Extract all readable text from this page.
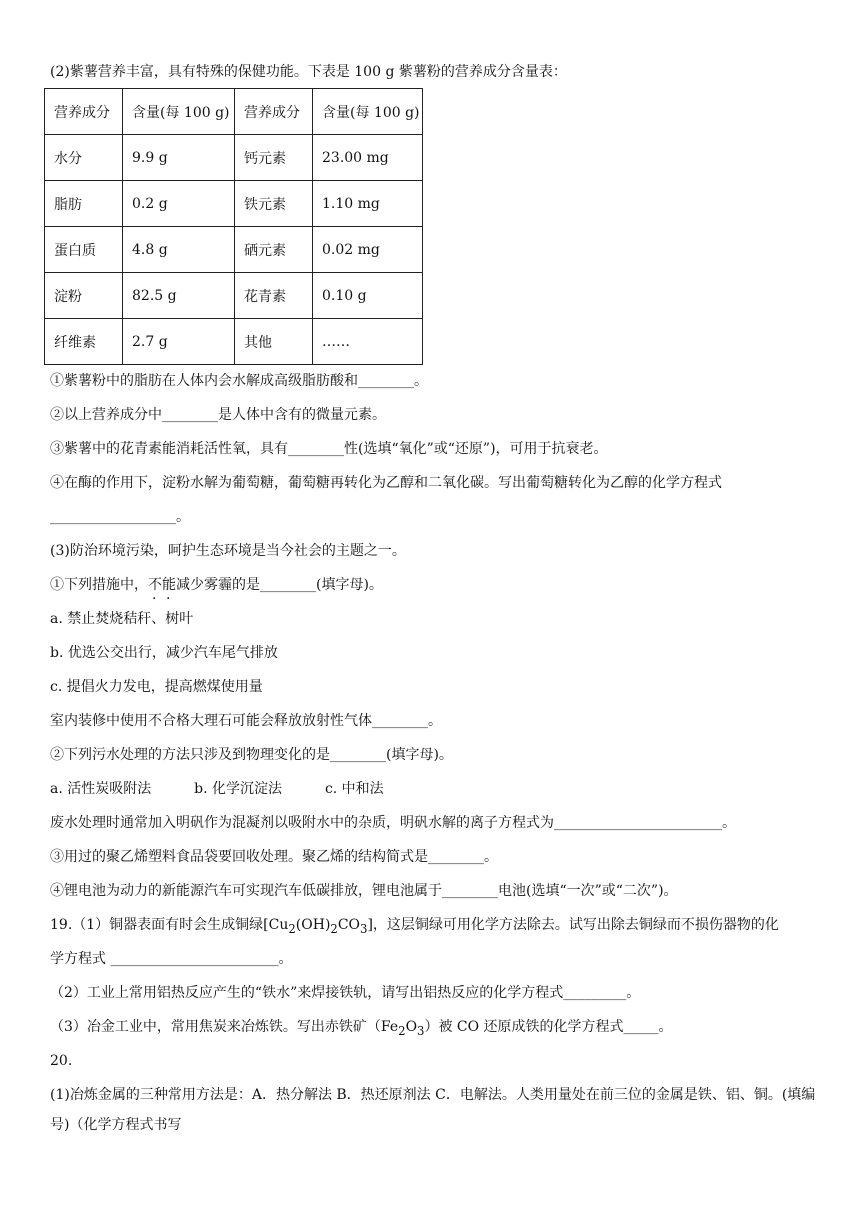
(2)紫薯营养丰富，具有特殊的保健功能。下表是 100 g 紫薯粉的营养成分含量表：
营养成分	含量(每 100 g)	营养成分	含量(每 100 g)
水分	9.9 g	钙元素	23.00 mg
脂肪	0.2 g	铁元素	1.10 mg
蛋白质	4.8 g	硒元素	0.02 mg
淀粉	82.5 g	花青素	0.10 g
纤维素	2.7 g	其他	……
①紫薯粉中的脂肪在人体内会水解成高级脂肪酸和________。
②以上营养成分中________是人体中含有的微量元素。
③紫薯中的花青素能消耗活性氧，具有________性(选填“氧化”或“还原”)，可用于抗衰老。
④在酶的作用下，淀粉水解为葡萄糖，葡萄糖再转化为乙醇和二氧化碳。写出葡萄糖转化为乙醇的化学方程式
__________________。
(3)防治环境污染，呵护生态环境是当今社会的主题之一。
①下列措施中，不能减少雾霾的是________(填字母)。
a. 禁止焚烧秸秆、树叶
b. 优选公交出行，减少汽车尾气排放
c. 提倡火力发电，提高燃煤使用量
室内装修中使用不合格大理石可能会释放放射性气体________。
②下列污水处理的方法只涉及到物理变化的是________(填字母)。
a. 活性炭吸附法	b. 化学沉淀法	c. 中和法
废水处理时通常加入明矾作为混凝剂以吸附水中的杂质，明矾水解的离子方程式为________________________。
③用过的聚乙烯塑料食品袋要回收处理。聚乙烯的结构简式是________。
④锂电池为动力的新能源汽车可实现汽车低碳排放，锂电池属于________电池(选填“一次”或“二次”)。
19.（1）铜器表面有时会生成铜绿$[Cu_2(OH)_2CO_3]$，这层铜绿可用化学方法除去。试写出除去铜绿而不损伤器物的化
学方程式 ________________________。
（2）工业上常用铝热反应产生的“铁水”来焊接铁轨，请写出铝热反应的化学方程式_________。
（3）冶金工业中，常用焦炭来冶炼铁。写出赤铁矿$(Fe_2O_3)$被 CO 还原成铁的化学方程式_____。
20.
(1)冶炼金属的三种常用方法是：A．热分解法 B．热还原剂法 C．电解法。人类用量处在前三位的金属是铁、铝、铜。(填编号)（化学方程式书写
